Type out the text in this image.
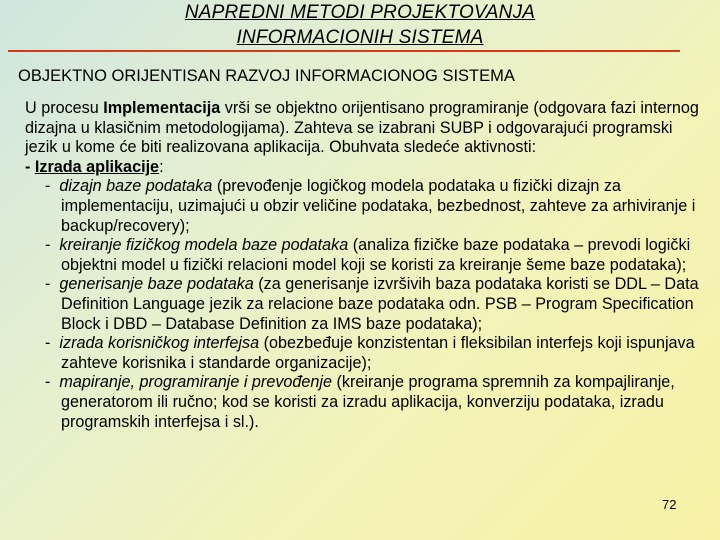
NAPREDNI METODI PROJEKTOVANJA
INFORMACIONIH SISTEMA
OBJEKTNO ORIJENTISAN RAZVOJ INFORMACIONOG SISTEMA

U procesu Implementacija vrši se objektno orijentisano programiranje (odgovara fazi internog dizajna u klasičnim metodologijama). Zahteva se izabrani SUBP i odgovarajući programski jezik u kome će biti realizovana aplikacija. Obuhvata sledeće aktivnosti:

- Izrada aplikacije:

-  dizajn baze podataka (prevođenje logičkog modela podataka u fizički dizajn za implementaciju, uzimajući u obzir veličine podataka, bezbednost, zahteve za arhiviranje i backup/recovery);

-  kreiranje fizičkog modela baze podataka (analiza fizičke baze podataka – prevodi logički objektni model u fizički relacioni model koji se koristi za kreiranje šeme baze podataka);

-  generisanje baze podataka (za generisanje izvršivih baza podataka koristi se DDL – Data Definition Language jezik za relacione baze podataka odn. PSB – Program Specification Block i DBD – Database Definition za IMS baze podataka);

-  izrada korisničkog interfejsa (obezbeđuje konzistentan i fleksibilan interfejs koji ispunjava zahteve korisnika i standarde organizacije);

-  mapiranje, programiranje i prevođenje (kreiranje programa spremnih za kompajliranje, generatorom ili ručno; kod se koristi za izradu aplikacija, konverziju podataka, izradu programskih interfejsa i sl.).

72
